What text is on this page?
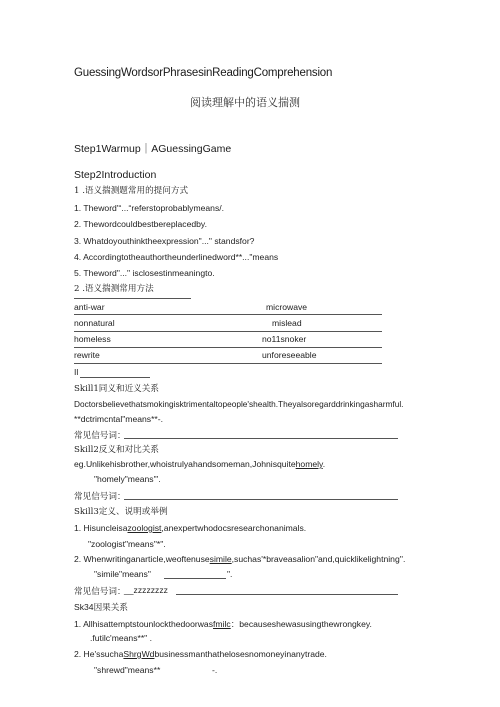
GuessingWordsorPhrasesinReadingComprehension
阅读理解中的语义揣测
Step1Warmup｜AGuessingGame
Step2Introduction
1 .语义揣测题常用的提问方式
1. Theword'“...“referstoprobablymeans/.
2. Thewordcouldbestbereplacedby.
3. Whatdoyouthinktheexpression"..." standsfor?
4. Accordingtotheauthortheunderlinedword**..."means
5. Theword"..." isclosestinmeaningto.
2 .语义揣测常用方法
anti-war	microwave
nonnatural	mislead
homeless	no11snoker
rewrite	unforeseeable
Il
Skill1同义和近义关系
Doctorsbelievethatsmokingisktrimentaltopeople'shealth.Theyalsoregarddrinkingasharmful.
**dctrimcntal"means**-.
常见信号词：
Skill2反义和对比关系
eg.Unlikehisbrother,whoistrulyahandsomeman,Johnisquitehomely.
"homely"means"'.
常见信号词：
Skill3定义、说明或举例
1. Hisuncleisazoologist,anexpertwhodocsresearchonanimals.
"zoologist"means"*".
2. Whenwritinganarticle,weoftenusesimile,suchas'*braveasalion"and,quicklikelightning''.
"simile"means"	".
常见信号词：
__zzzzzzzz
Sk34因果关系
1. Allhisattemptstounlockthedoorwasfmilc：becauseshewasusingthewrongkey.
.futilc'means**" .
2. He'ssuchaShrgWdbusinessmanthathelosesnomoneyinanytrade.
"shrewd"means**	-.
